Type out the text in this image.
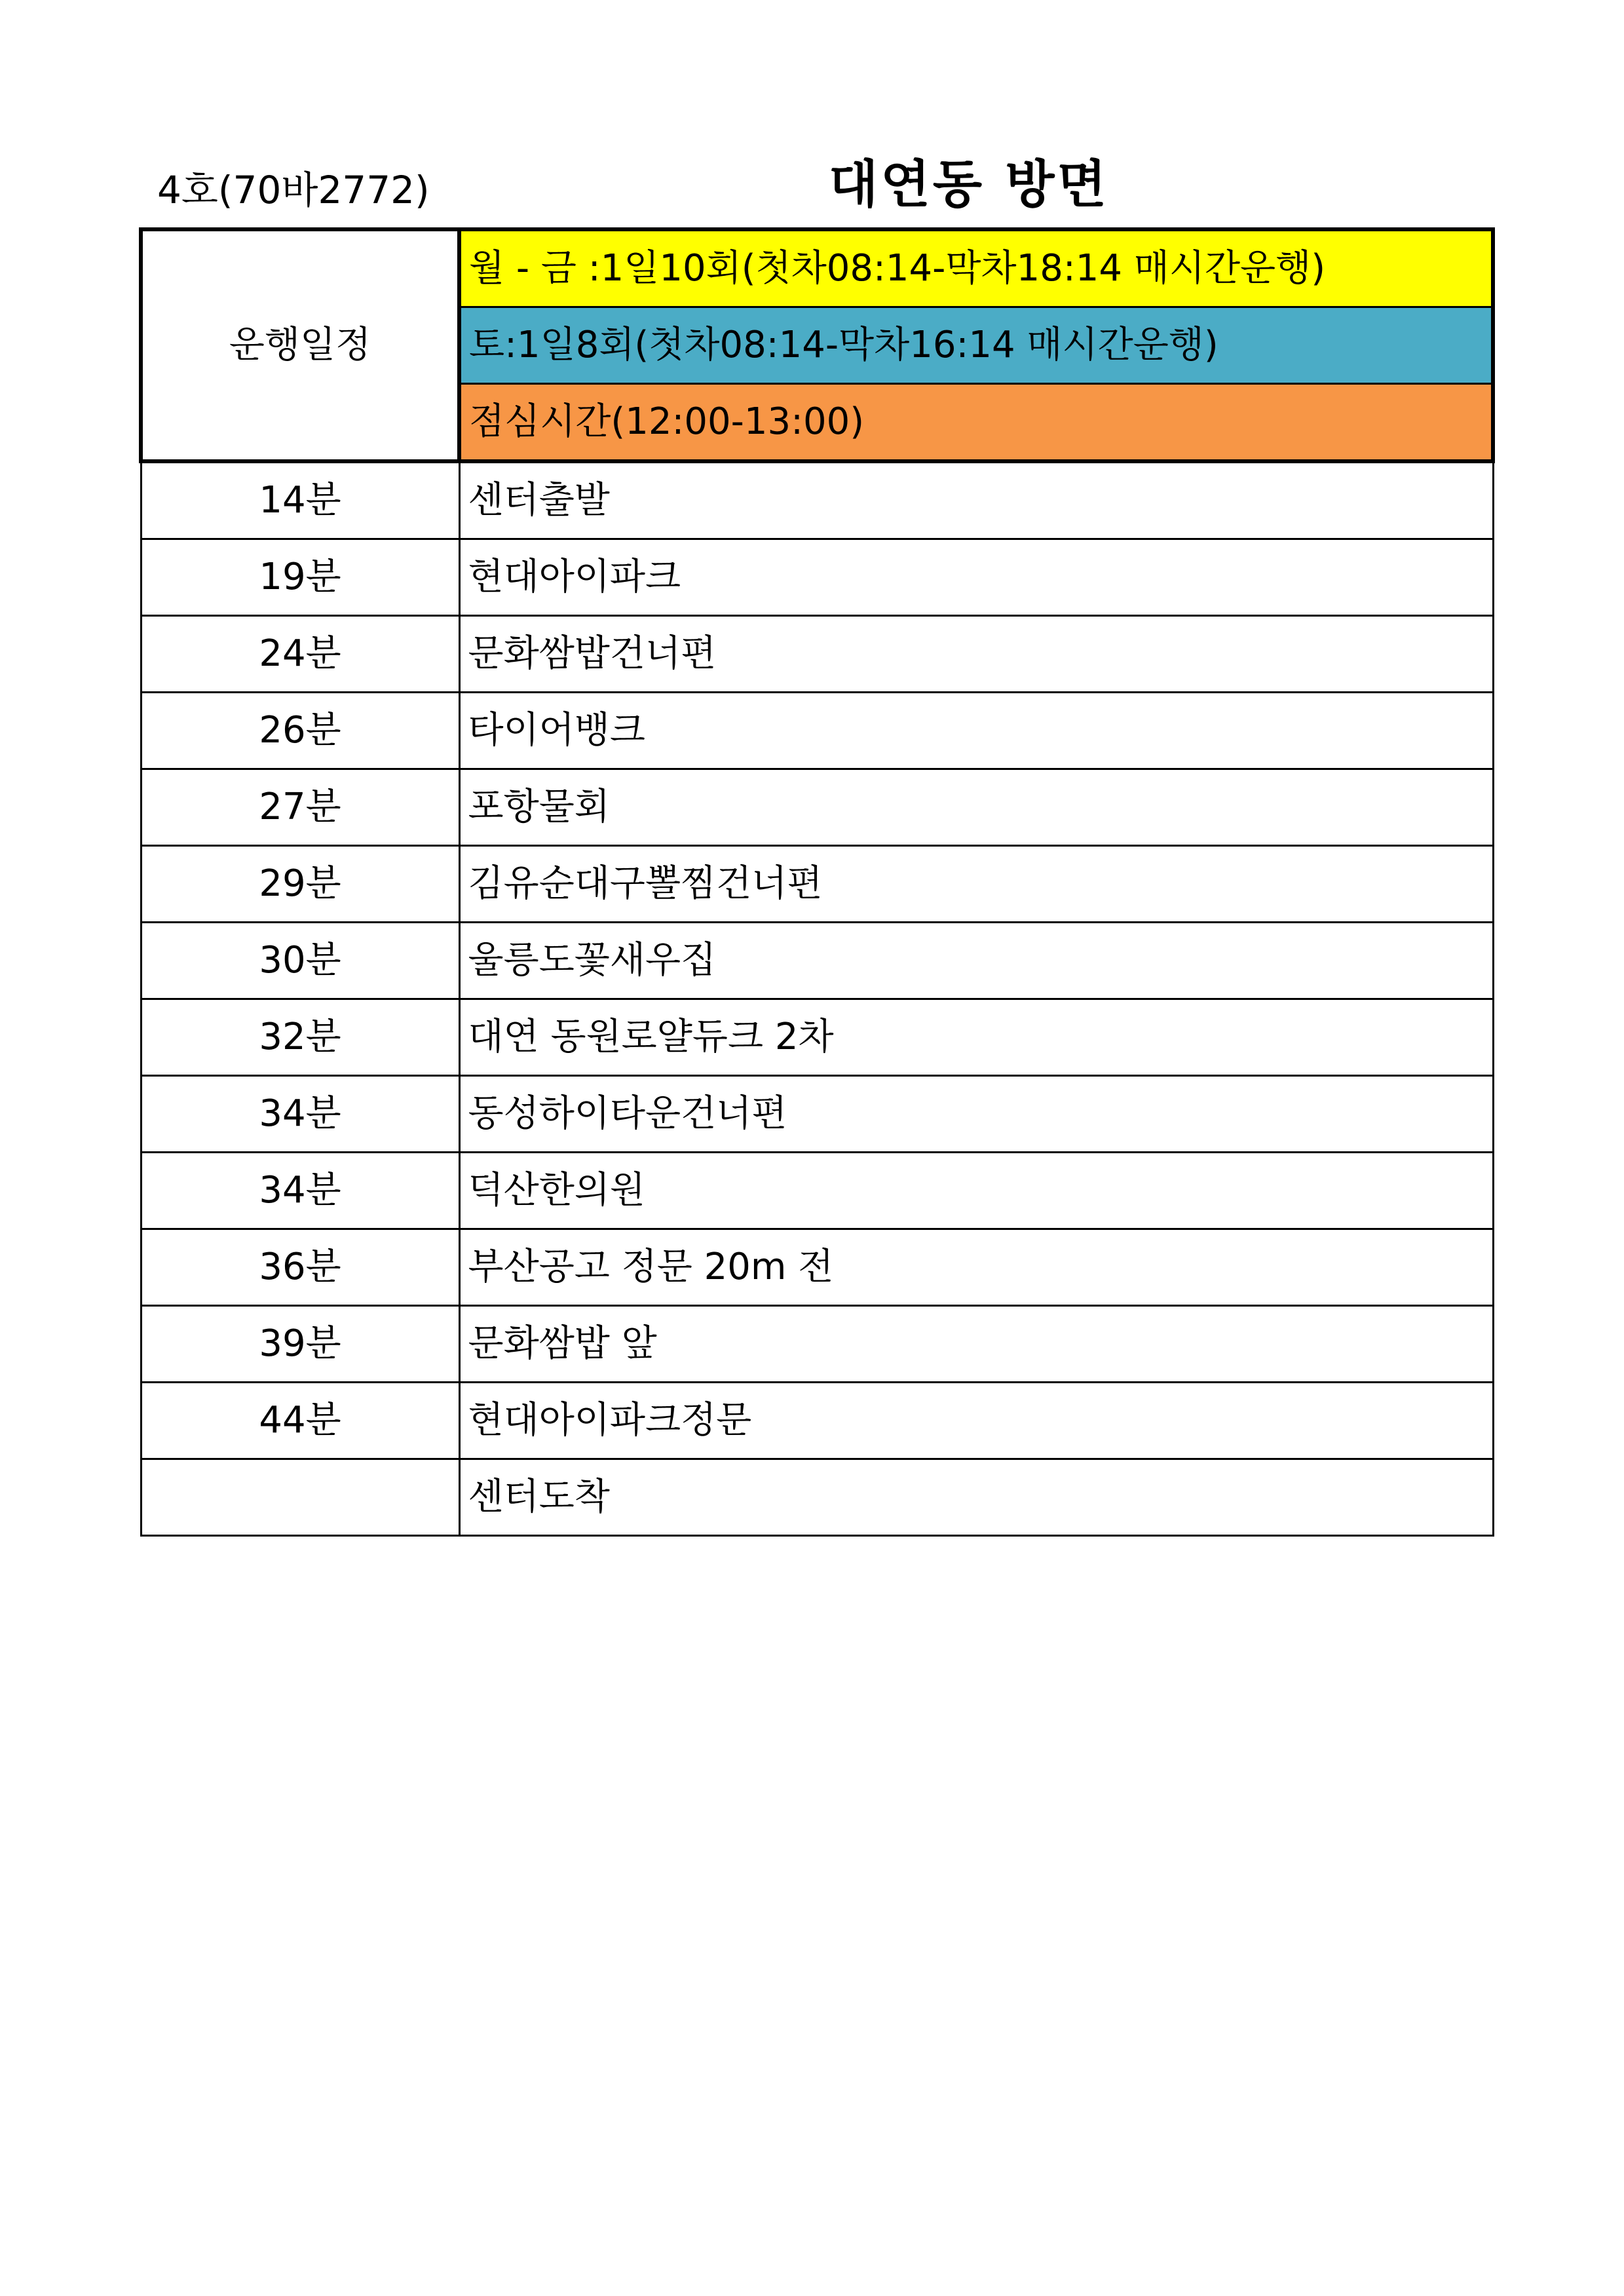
4호(70바2772)	대연동 방면
운행일정	월 - 금 :1일10회(첫차08:14-막차18:14 매시간운행)
	토:1일8회(첫차08:14-막차16:14 매시간운행)
	점심시간(12:00-13:00)
14분	센터출발
19분	현대아이파크
24분	문화쌈밥건너편
26분	타이어뱅크
27분	포항물회
29분	김유순대구뽈찜건너편
30분	울릉도꽃새우집
32분	대연 동원로얄듀크 2차
34분	동성하이타운건너편
34분	덕산한의원
36분	부산공고 정문 20m 전
39분	문화쌈밥 앞
44분	현대아이파크정문
	센터도착
